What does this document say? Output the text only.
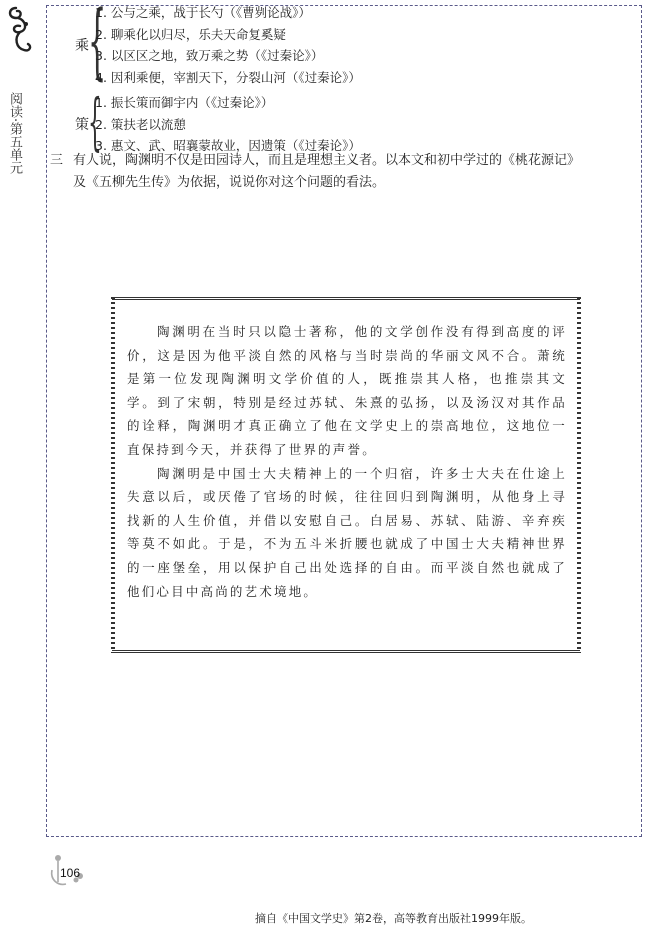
阅读·第五单元
乘 {
1. 公与之乘，战于长勺（《曹刿论战》）
2. 聊乘化以归尽，乐夫天命复奚疑
3. 以区区之地，致万乘之势（《过秦论》）
4. 因利乘便，宰割天下，分裂山河（《过秦论》）
策 {
1. 振长策而御宇内（《过秦论》）
2. 策扶老以流憩
3. 惠文、武、昭襄蒙故业，因遗策（《过秦论》）
三 有人说，陶渊明不仅是田园诗人，而且是理想主义者。以本文和初中学过的《桃花源记》及《五柳先生传》为依据，说说你对这个问题的看法。

陶渊明在当时只以隐士著称，他的文学创作没有得到高度的评价，这是因为他平淡自然的风格与当时崇尚的华丽文风不合。萧统是第一位发现陶渊明文学价值的人，既推崇其人格，也推崇其文学。到了宋朝，特别是经过苏轼、朱熹的弘扬，以及汤汉对其作品的诠释，陶渊明才真正确立了他在文学史上的崇高地位，这地位一直保持到今天，并获得了世界的声誉。

陶渊明是中国士大夫精神上的一个归宿，许多士大夫在仕途上失意以后，或厌倦了官场的时候，往往回归到陶渊明，从他身上寻找新的人生价值，并借以安慰自己。白居易、苏轼、陆游、辛弃疾等莫不如此。于是，不为五斗米折腰也就成了中国士大夫精神世界的一座堡垒，用以保护自己出处选择的自由。而平淡自然也就成了他们心目中高尚的艺术境地。

摘自《中国文学史》第2卷，高等教育出版社1999年版。
106
